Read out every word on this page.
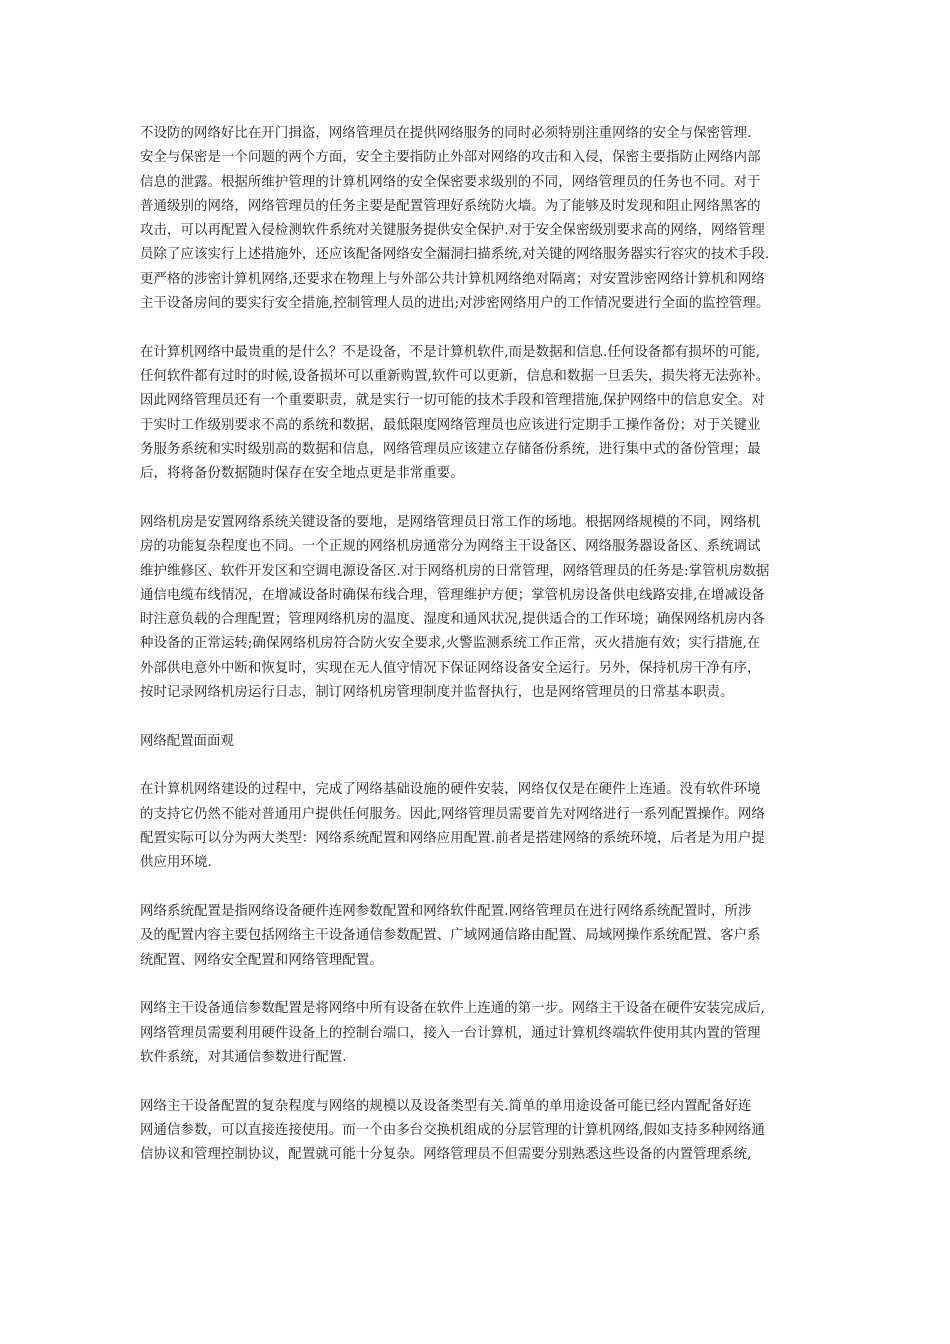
不设防的网络好比在开门揖盗，网络管理员在提供网络服务的同时必须特别注重网络的安全与保密管理.
安全与保密是一个问题的两个方面，安全主要指防止外部对网络的攻击和入侵，保密主要指防止网络内部
信息的泄露。根据所维护管理的计算机网络的安全保密要求级别的不同，网络管理员的任务也不同。对于
普通级别的网络，网络管理员的任务主要是配置管理好系统防火墙。为了能够及时发现和阻止网络黑客的
攻击，可以再配置入侵检测软件系统对关键服务提供安全保护.对于安全保密级别要求高的网络，网络管理
员除了应该实行上述措施外，还应该配备网络安全漏洞扫描系统,对关键的网络服务器实行容灾的技术手段.
更严格的涉密计算机网络,还要求在物理上与外部公共计算机网络绝对隔离；对安置涉密网络计算机和网络
主干设备房间的要实行安全措施,控制管理人员的进出;对涉密网络用户的工作情况要进行全面的监控管理。

在计算机网络中最贵重的是什么？不是设备，不是计算机软件,而是数据和信息.任何设备都有损坏的可能,
任何软件都有过时的时候,设备损坏可以重新购置,软件可以更新，信息和数据一旦丢失，损失将无法弥补。
因此网络管理员还有一个重要职责，就是实行一切可能的技术手段和管理措施,保护网络中的信息安全。对
于实时工作级别要求不高的系统和数据，最低限度网络管理员也应该进行定期手工操作备份；对于关键业
务服务系统和实时级别高的数据和信息，网络管理员应该建立存储备份系统，进行集中式的备份管理；最
后，将将备份数据随时保存在安全地点更是非常重要。

网络机房是安置网络系统关键设备的要地，是网络管理员日常工作的场地。根据网络规模的不同，网络机
房的功能复杂程度也不同。一个正规的网络机房通常分为网络主干设备区、网络服务器设备区、系统调试
维护维修区、软件开发区和空调电源设备区.对于网络机房的日常管理，网络管理员的任务是:掌管机房数据
通信电缆布线情况，在增减设备时确保布线合理，管理维护方便；掌管机房设备供电线路安排,在增减设备
时注意负载的合理配置；管理网络机房的温度、湿度和通风状况,提供适合的工作环境；确保网络机房内各
种设备的正常运转;确保网络机房符合防火安全要求,火警监测系统工作正常，灭火措施有效；实行措施,在
外部供电意外中断和恢复时，实现在无人值守情况下保证网络设备安全运行。另外，保持机房干净有序，
按时记录网络机房运行日志，制订网络机房管理制度并监督执行，也是网络管理员的日常基本职责。

网络配置面面观

在计算机网络建设的过程中，完成了网络基础设施的硬件安装，网络仅仅是在硬件上连通。没有软件环境
的支持它仍然不能对普通用户提供任何服务。因此,网络管理员需要首先对网络进行一系列配置操作。网络
配置实际可以分为两大类型：网络系统配置和网络应用配置.前者是搭建网络的系统环境，后者是为用户提
供应用环境.

网络系统配置是指网络设备硬件连网参数配置和网络软件配置.网络管理员在进行网络系统配置时，所涉
及的配置内容主要包括网络主干设备通信参数配置、广域网通信路由配置、局域网操作系统配置、客户系
统配置、网络安全配置和网络管理配置。

网络主干设备通信参数配置是将网络中所有设备在软件上连通的第一步。网络主干设备在硬件安装完成后,
网络管理员需要利用硬件设备上的控制台端口，接入一台计算机，通过计算机终端软件使用其内置的管理
软件系统，对其通信参数进行配置.

网络主干设备配置的复杂程度与网络的规模以及设备类型有关.简单的单用途设备可能已经内置配备好连
网通信参数，可以直接连接使用。而一个由多台交换机组成的分层管理的计算机网络,假如支持多种网络通
信协议和管理控制协议，配置就可能十分复杂。网络管理员不但需要分别熟悉这些设备的内置管理系统,
